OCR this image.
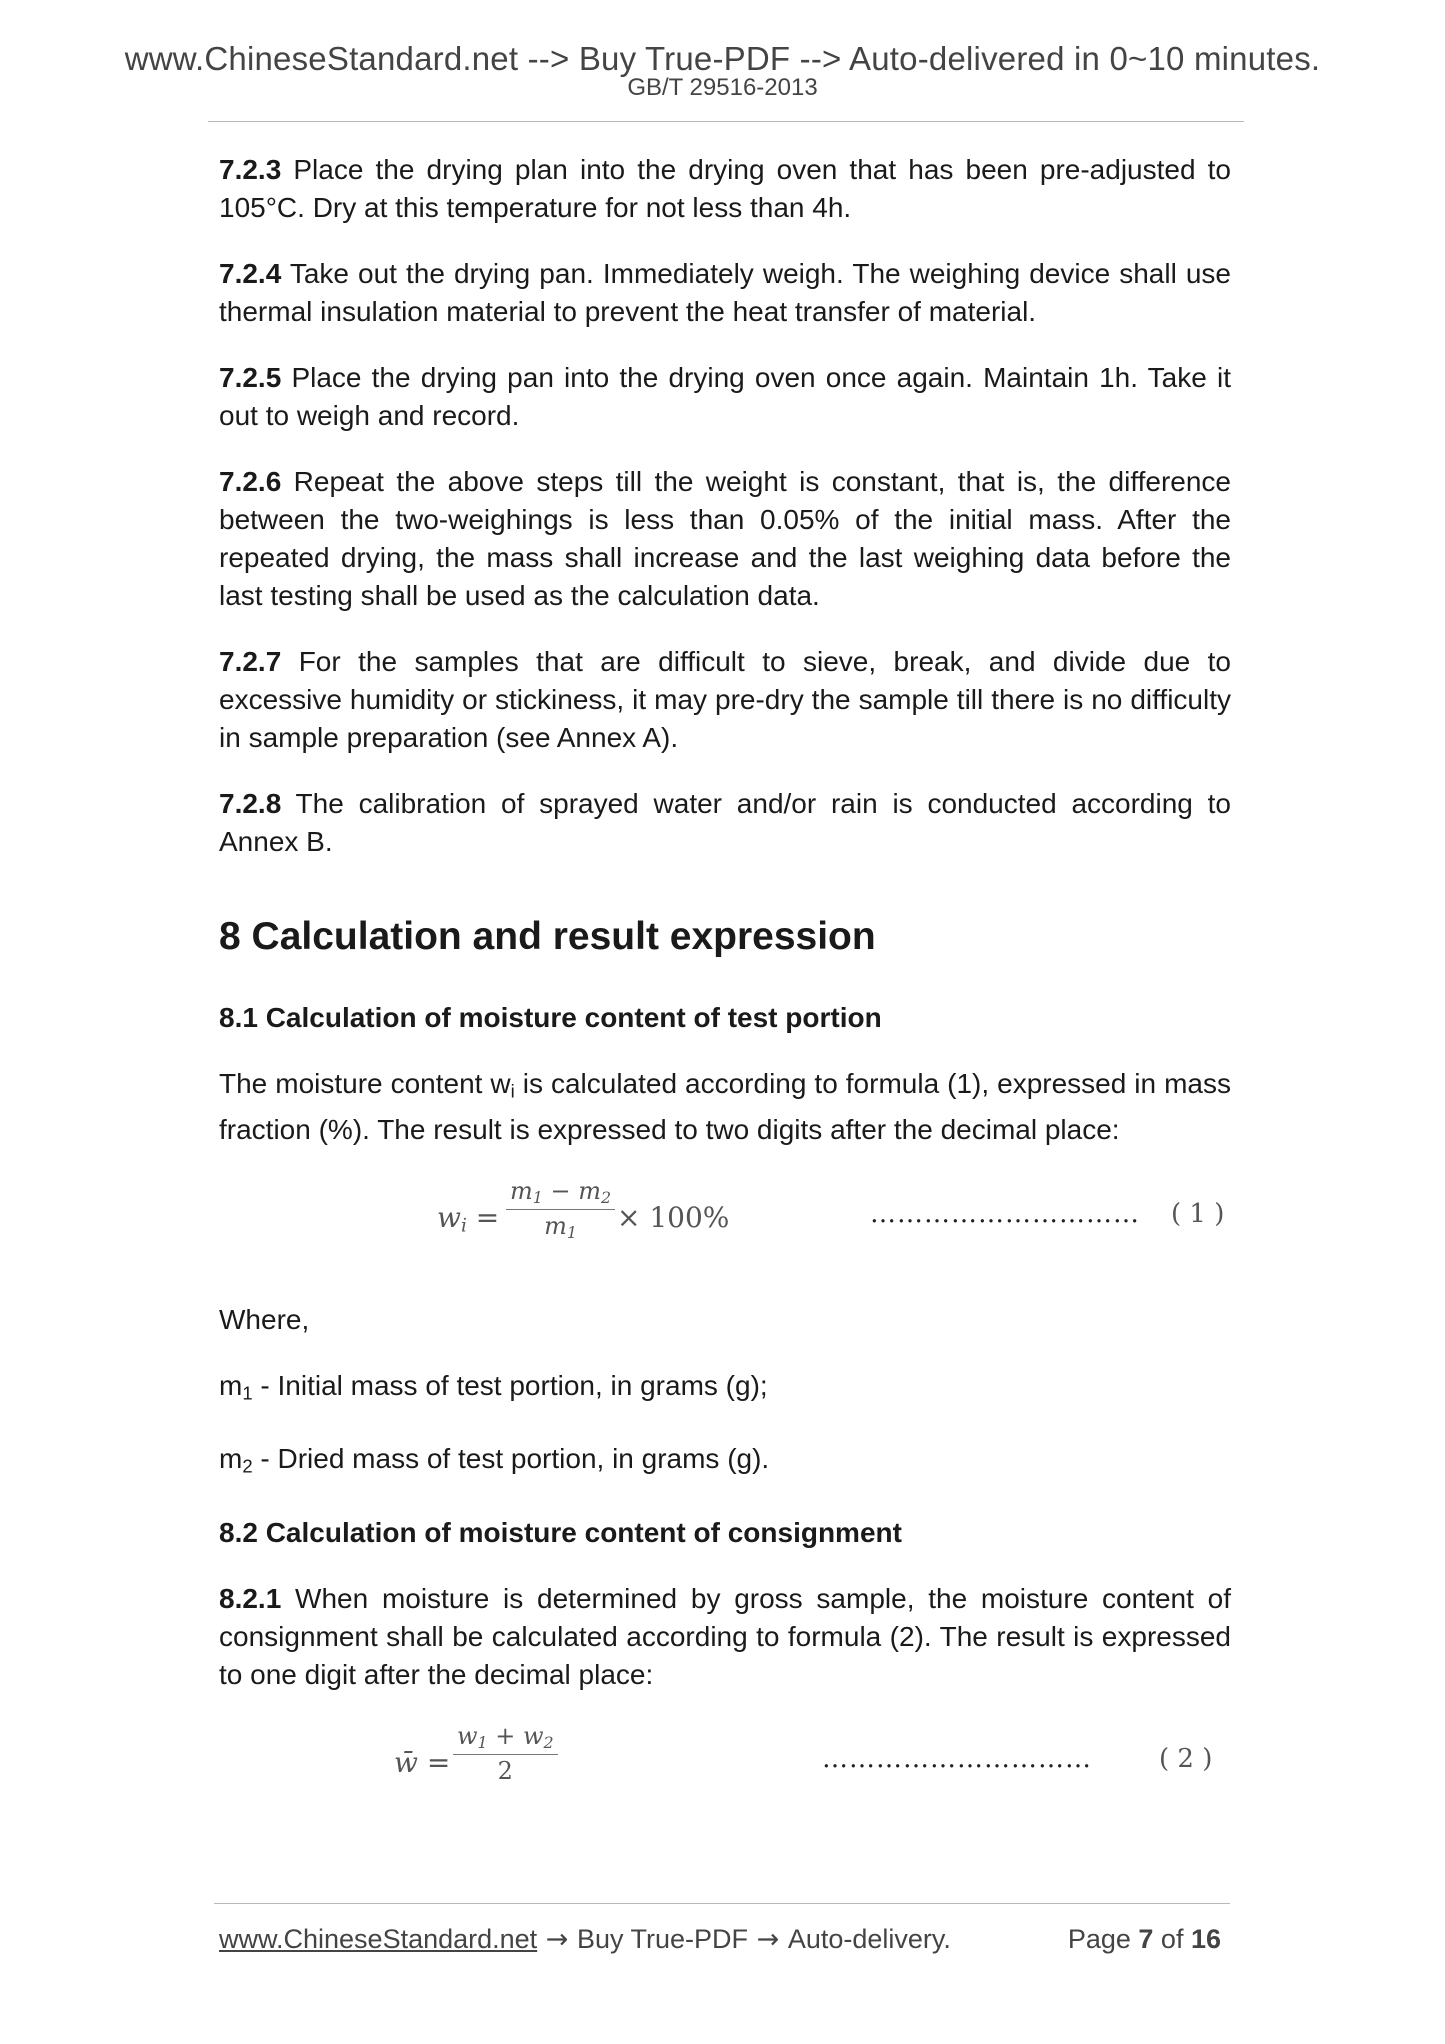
www.ChineseStandard.net --> Buy True-PDF --> Auto-delivered in 0~10 minutes.
GB/T 29516-2013

7.2.3 Place the drying plan into the drying oven that has been pre-adjusted to 105°C. Dry at this temperature for not less than 4h.

7.2.4 Take out the drying pan. Immediately weigh. The weighing device shall use thermal insulation material to prevent the heat transfer of material.

7.2.5 Place the drying pan into the drying oven once again. Maintain 1h. Take it out to weigh and record.

7.2.6 Repeat the above steps till the weight is constant, that is, the difference between the two-weighings is less than 0.05% of the initial mass. After the repeated drying, the mass shall increase and the last weighing data before the last testing shall be used as the calculation data.

7.2.7 For the samples that are difficult to sieve, break, and divide due to excessive humidity or stickiness, it may pre-dry the sample till there is no difficulty in sample preparation (see Annex A).

7.2.8 The calibration of sprayed water and/or rain is conducted according to Annex B.

8 Calculation and result expression
8.1 Calculation of moisture content of test portion

The moisture content $w_i$ is calculated according to formula (1), expressed in mass fraction (%). The result is expressed to two digits after the decimal place:

$w_i = \frac{m_1 - m_2}{m_1} \times 100\%$	………………………… ( 1 )

Where,

$m_1$ - Initial mass of test portion, in grams (g);

$m_2$ - Dried mass of test portion, in grams (g).

8.2 Calculation of moisture content of consignment

8.2.1 When moisture is determined by gross sample, the moisture content of consignment shall be calculated according to formula (2). The result is expressed to one digit after the decimal place:

w̄ = $\frac{w_1 + w_2}{2}$	…………………………	( 2 )
www.ChineseStandard.net → Buy True-PDF → Auto-delivery.	Page 7 of 16
